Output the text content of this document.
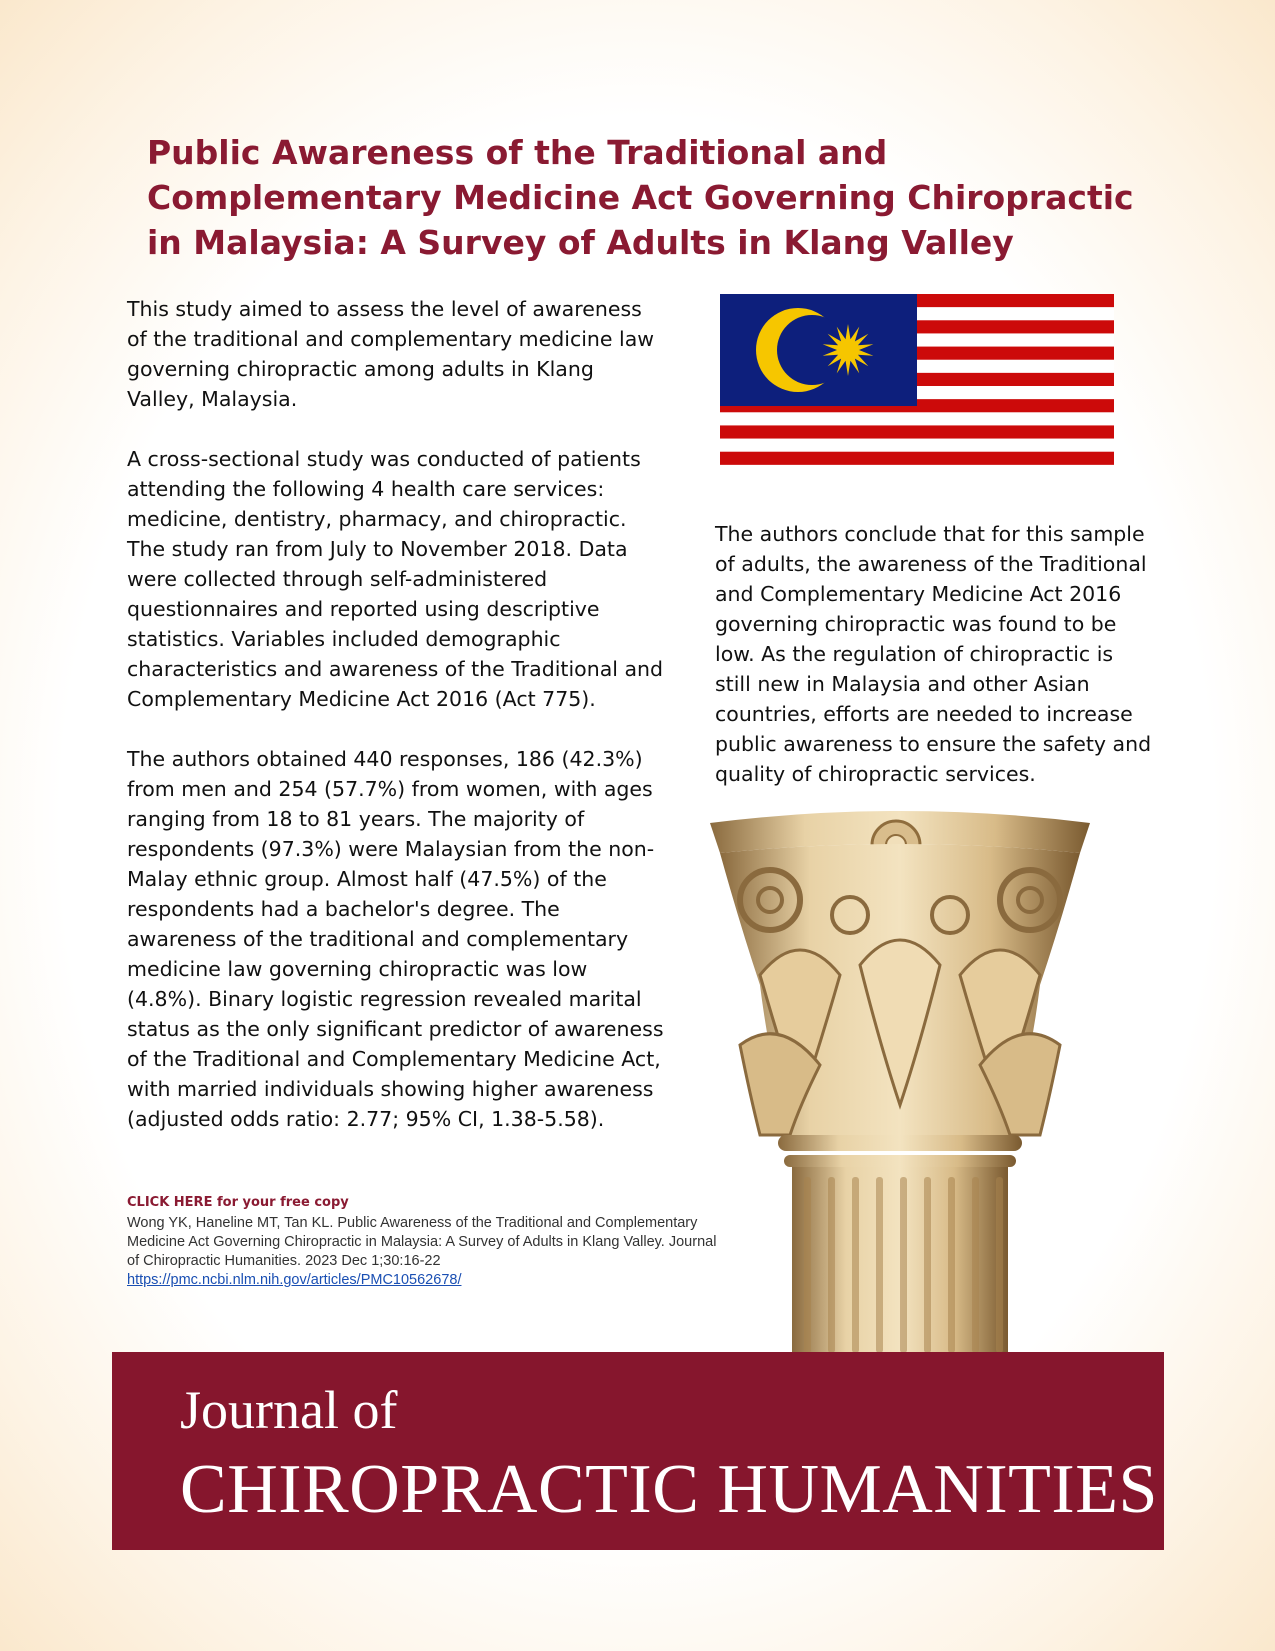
Public Awareness of the Traditional and Complementary Medicine Act Governing Chiropractic in Malaysia: A Survey of Adults in Klang Valley

This study aimed to assess the level of awareness of the traditional and complementary medicine law governing chiropractic among adults in Klang Valley, Malaysia.

A cross-sectional study was conducted of patients attending the following 4 health care services: medicine, dentistry, pharmacy, and chiropractic. The study ran from July to November 2018. Data were collected through self-administered questionnaires and reported using descriptive statistics. Variables included demographic characteristics and awareness of the Traditional and Complementary Medicine Act 2016 (Act 775).

The authors obtained 440 responses, 186 (42.3%) from men and 254 (57.7%) from women, with ages ranging from 18 to 81 years. The majority of respondents (97.3%) were Malaysian from the non-Malay ethnic group. Almost half (47.5%) of the respondents had a bachelor's degree. The awareness of the traditional and complementary medicine law governing chiropractic was low (4.8%). Binary logistic regression revealed marital status as the only significant predictor of awareness of the Traditional and Complementary Medicine Act, with married individuals showing higher awareness (adjusted odds ratio: 2.77; 95% CI, 1.38-5.58).

The authors conclude that for this sample of adults, the awareness of the Traditional and Complementary Medicine Act 2016 governing chiropractic was found to be low. As the regulation of chiropractic is still new in Malaysia and other Asian countries, efforts are needed to increase public awareness to ensure the safety and quality of chiropractic services.

CLICK HERE for your free copy
Wong YK, Haneline MT, Tan KL. Public Awareness of the Traditional and Complementary Medicine Act Governing Chiropractic in Malaysia: A Survey of Adults in Klang Valley. Journal of Chiropractic Humanities. 2023 Dec 1;30:16-22
https://pmc.ncbi.nlm.nih.gov/articles/PMC10562678/
Journal of
CHIROPRACTIC HUMANITIES
